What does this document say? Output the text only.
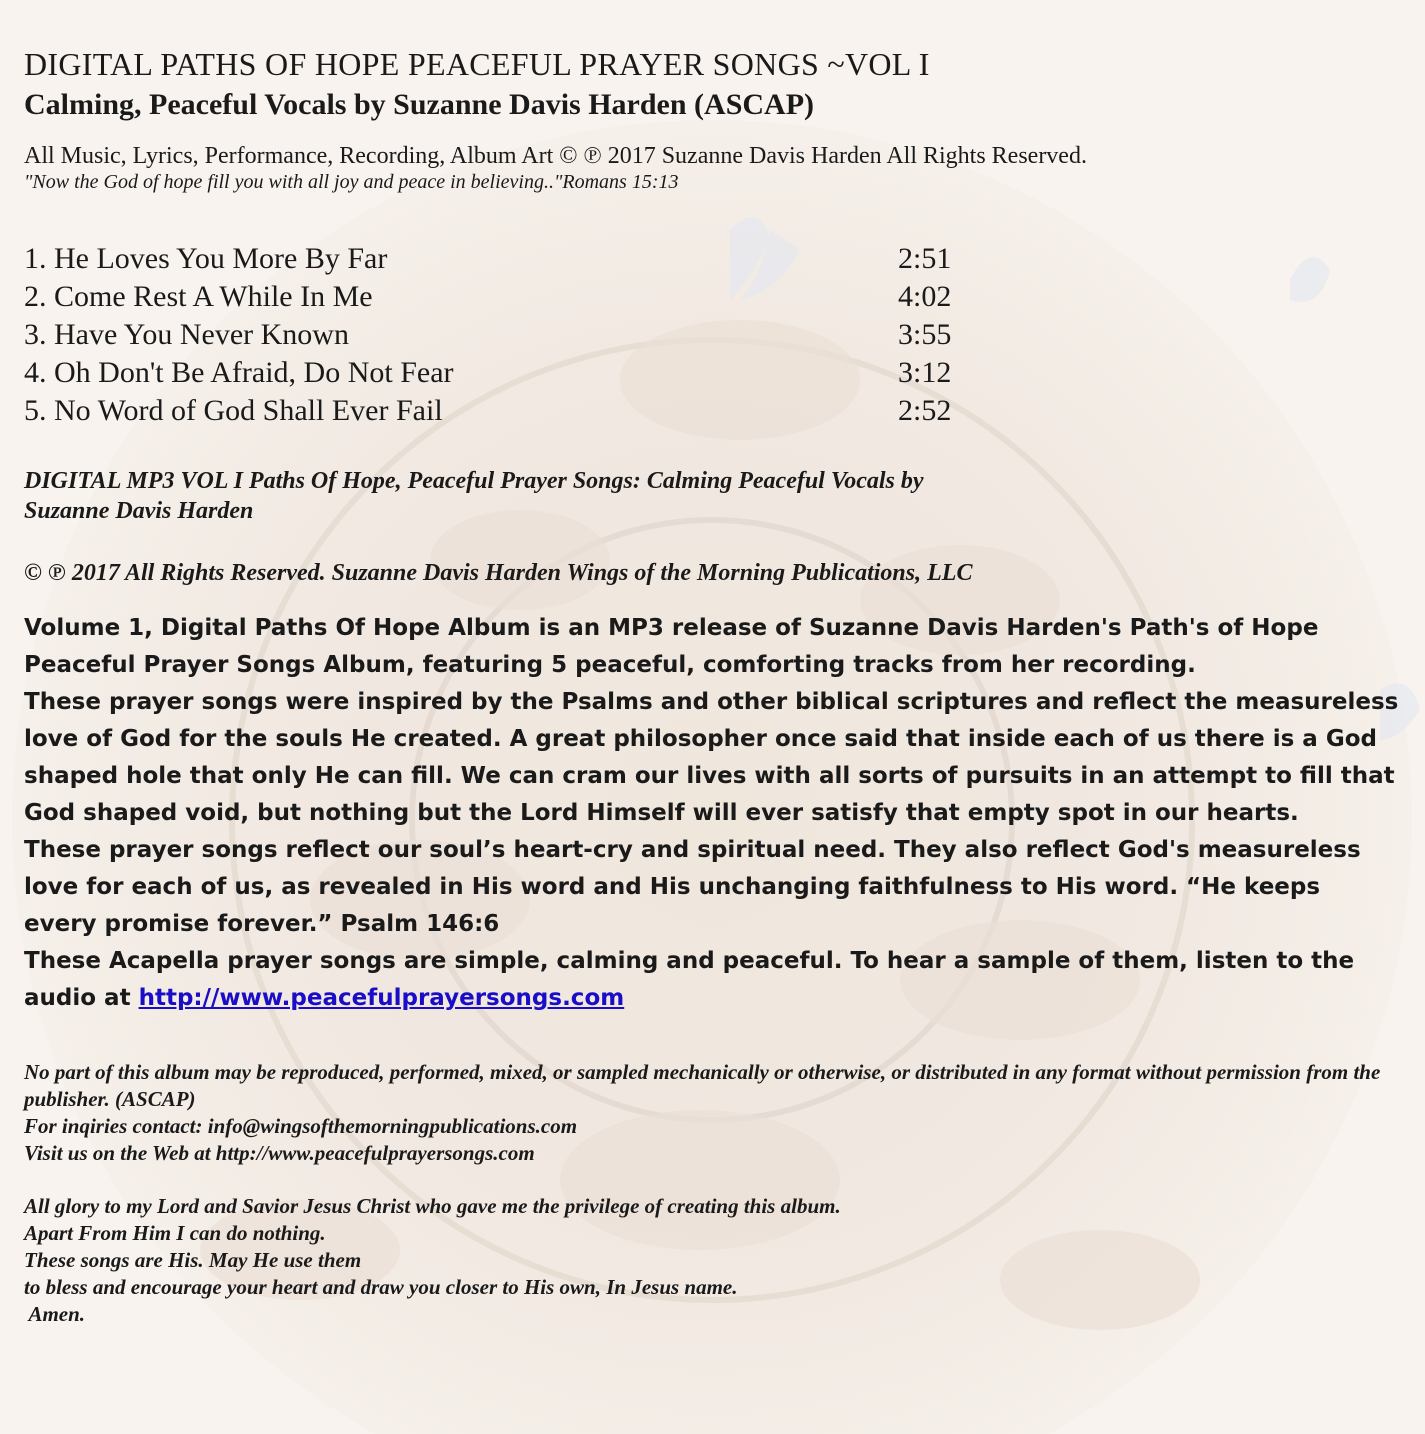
DIGITAL PATHS OF HOPE PEACEFUL PRAYER SONGS ~VOL I
Calming, Peaceful Vocals by Suzanne Davis Harden (ASCAP)

All Music, Lyrics, Performance, Recording, Album Art © ℗ 2017 Suzanne Davis Harden All Rights Reserved.

"Now the God of hope fill you with all joy and peace in believing.."Romans 15:13

1. He Loves You More By Far	2:51
2. Come Rest A While In Me	4:02
3. Have You Never Known	3:55
4. Oh Don't Be Afraid, Do Not Fear	3:12
5. No Word of God Shall Ever Fail	2:52
DIGITAL MP3 VOL I Paths Of Hope, Peaceful Prayer Songs: Calming Peaceful Vocals by
Suzanne Davis Harden

© ℗ 2017 All Rights Reserved. Suzanne Davis Harden Wings of the Morning Publications, LLC

Volume 1, Digital Paths Of Hope Album is an MP3 release of Suzanne Davis Harden's Path's of Hope Peaceful Prayer Songs Album, featuring 5 peaceful, comforting tracks from her recording.

These prayer songs were inspired by the Psalms and other biblical scriptures and reflect the measureless love of God for the souls He created. A great philosopher once said that inside each of us there is a God shaped hole that only He can fill. We can cram our lives with all sorts of pursuits in an attempt to fill that God shaped void, but nothing but the Lord Himself will ever satisfy that empty spot in our hearts.

These prayer songs reflect our soul’s heart-cry and spiritual need. They also reflect God's measureless love for each of us, as revealed in His word and His unchanging faithfulness to His word. “He keeps every promise forever.” Psalm 146:6

These Acapella prayer songs are simple, calming and peaceful. To hear a sample of them, listen to the audio at http://www.peacefulprayersongs.com

No part of this album may be reproduced, performed, mixed, or sampled mechanically or otherwise, or distributed in any format without permission from the publisher. (ASCAP)

For inqiries contact: info@wingsofthemorningpublications.com

Visit us on the Web at http://www.peacefulprayersongs.com

All glory to my Lord and Savior Jesus Christ who gave me the privilege of creating this album.

Apart From Him I can do nothing.

These songs are His. May He use them

to bless and encourage your heart and draw you closer to His own, In Jesus name.

Amen.
